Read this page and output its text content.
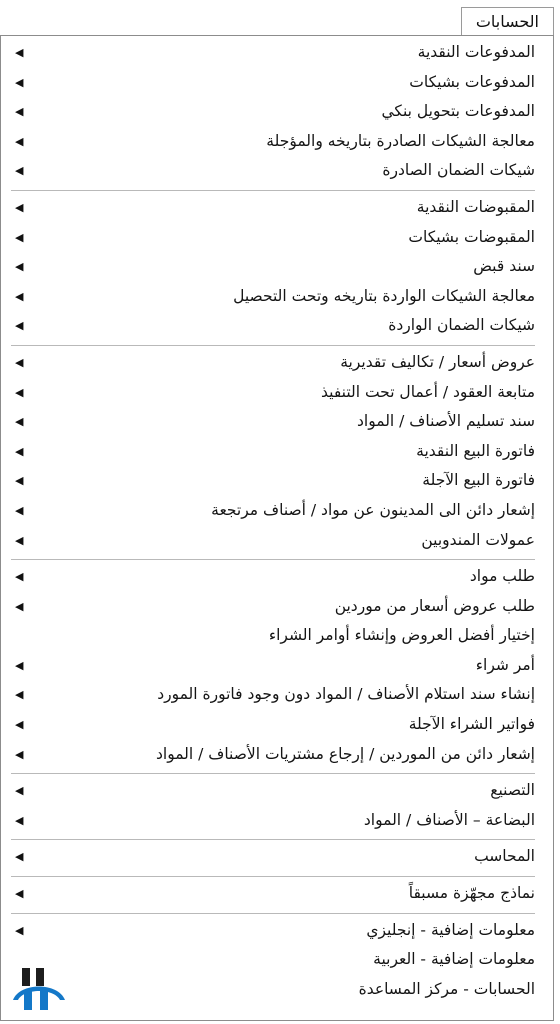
الحسابات
المدفوعات النقدية
◀
المدفوعات بشيكات
◀
المدفوعات بتحويل بنكي
◀
معالجة الشيكات الصادرة بتاريخه والمؤجلة
◀
شيكات الضمان الصادرة
◀
المقبوضات النقدية
◀
المقبوضات بشيكات
◀
سند قبض
◀
معالجة الشيكات الواردة بتاريخه وتحت التحصيل
◀
شيكات الضمان الواردة
◀
عروض أسعار / تكاليف تقديرية
◀
متابعة العقود / أعمال تحت التنفيذ
◀
سند تسليم الأصناف / المواد
◀
فاتورة البيع النقدية
◀
فاتورة البيع الآجلة
◀
إشعار دائن الى المدينون عن مواد / أصناف مرتجعة
◀
عمولات المندوبين
◀
طلب مواد
◀
طلب عروض أسعار من موردين
◀
إختيار أفضل العروض وإنشاء أوامر الشراء
أمر شراء
◀
إنشاء سند استلام الأصناف / المواد دون وجود فاتورة المورد
◀
فواتير الشراء الآجلة
◀
إشعار دائن من الموردين / إرجاع مشتريات الأصناف / المواد
◀
التصنيع
◀
البضاعة – الأصناف / المواد
◀
المحاسب
◀
نماذج مجهّزة مسبقاً
◀
معلومات إضافية - إنجليزي
◀
معلومات إضافية - العربية
الحسابات - مركز المساعدة
